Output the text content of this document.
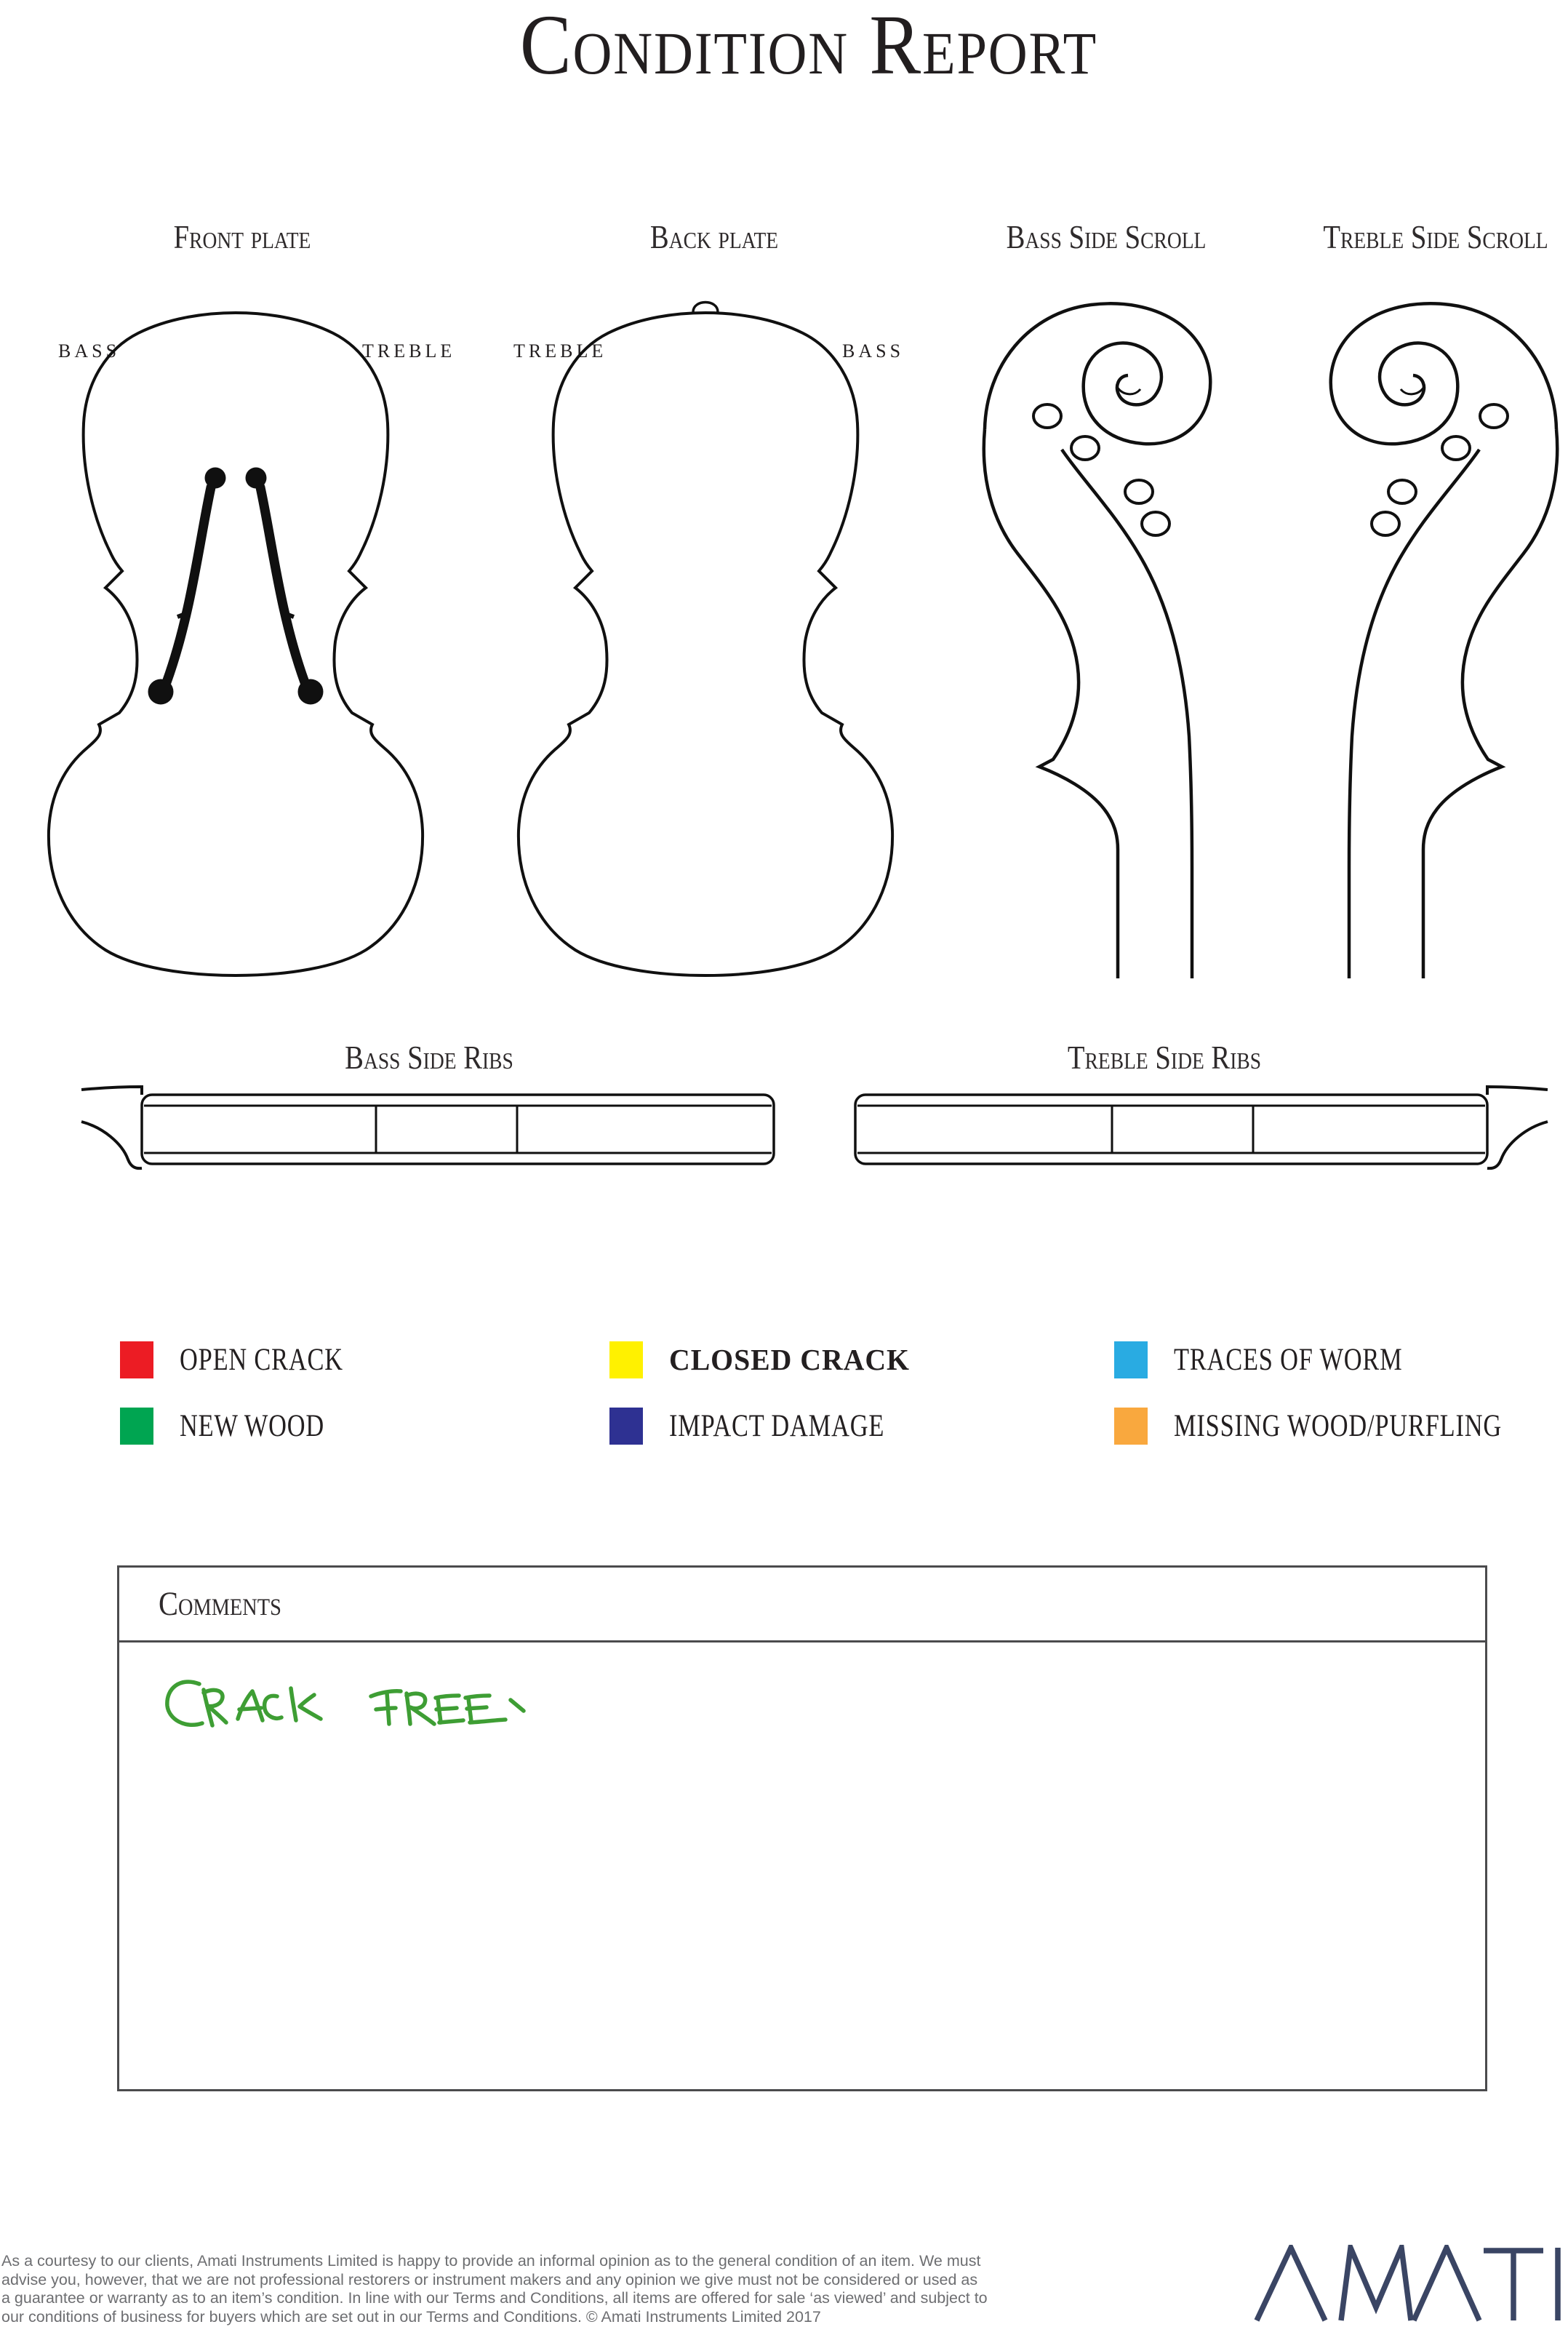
Condition Report
Front plate	Back plate	Bass Side Scroll	Treble Side Scroll
BASS	TREBLE	TREBLE	BASS
Bass Side Ribs	Treble Side Ribs
OPEN CRACK	CLOSED CRACK	TRACES OF WORM
NEW WOOD	IMPACT DAMAGE	MISSING WOOD/PURFLING
Comments
As a courtesy to our clients, Amati Instruments Limited is happy to provide an informal opinion as to the general condition of an item. We must
advise you, however, that we are not professional restorers or instrument makers and any opinion we give must not be considered or used as
a guarantee or warranty as to an item’s condition. In line with our Terms and Conditions, all items are offered for sale ‘as viewed’ and subject to
our conditions of business for buyers which are set out in our Terms and Conditions. © Amati Instruments Limited 2017
